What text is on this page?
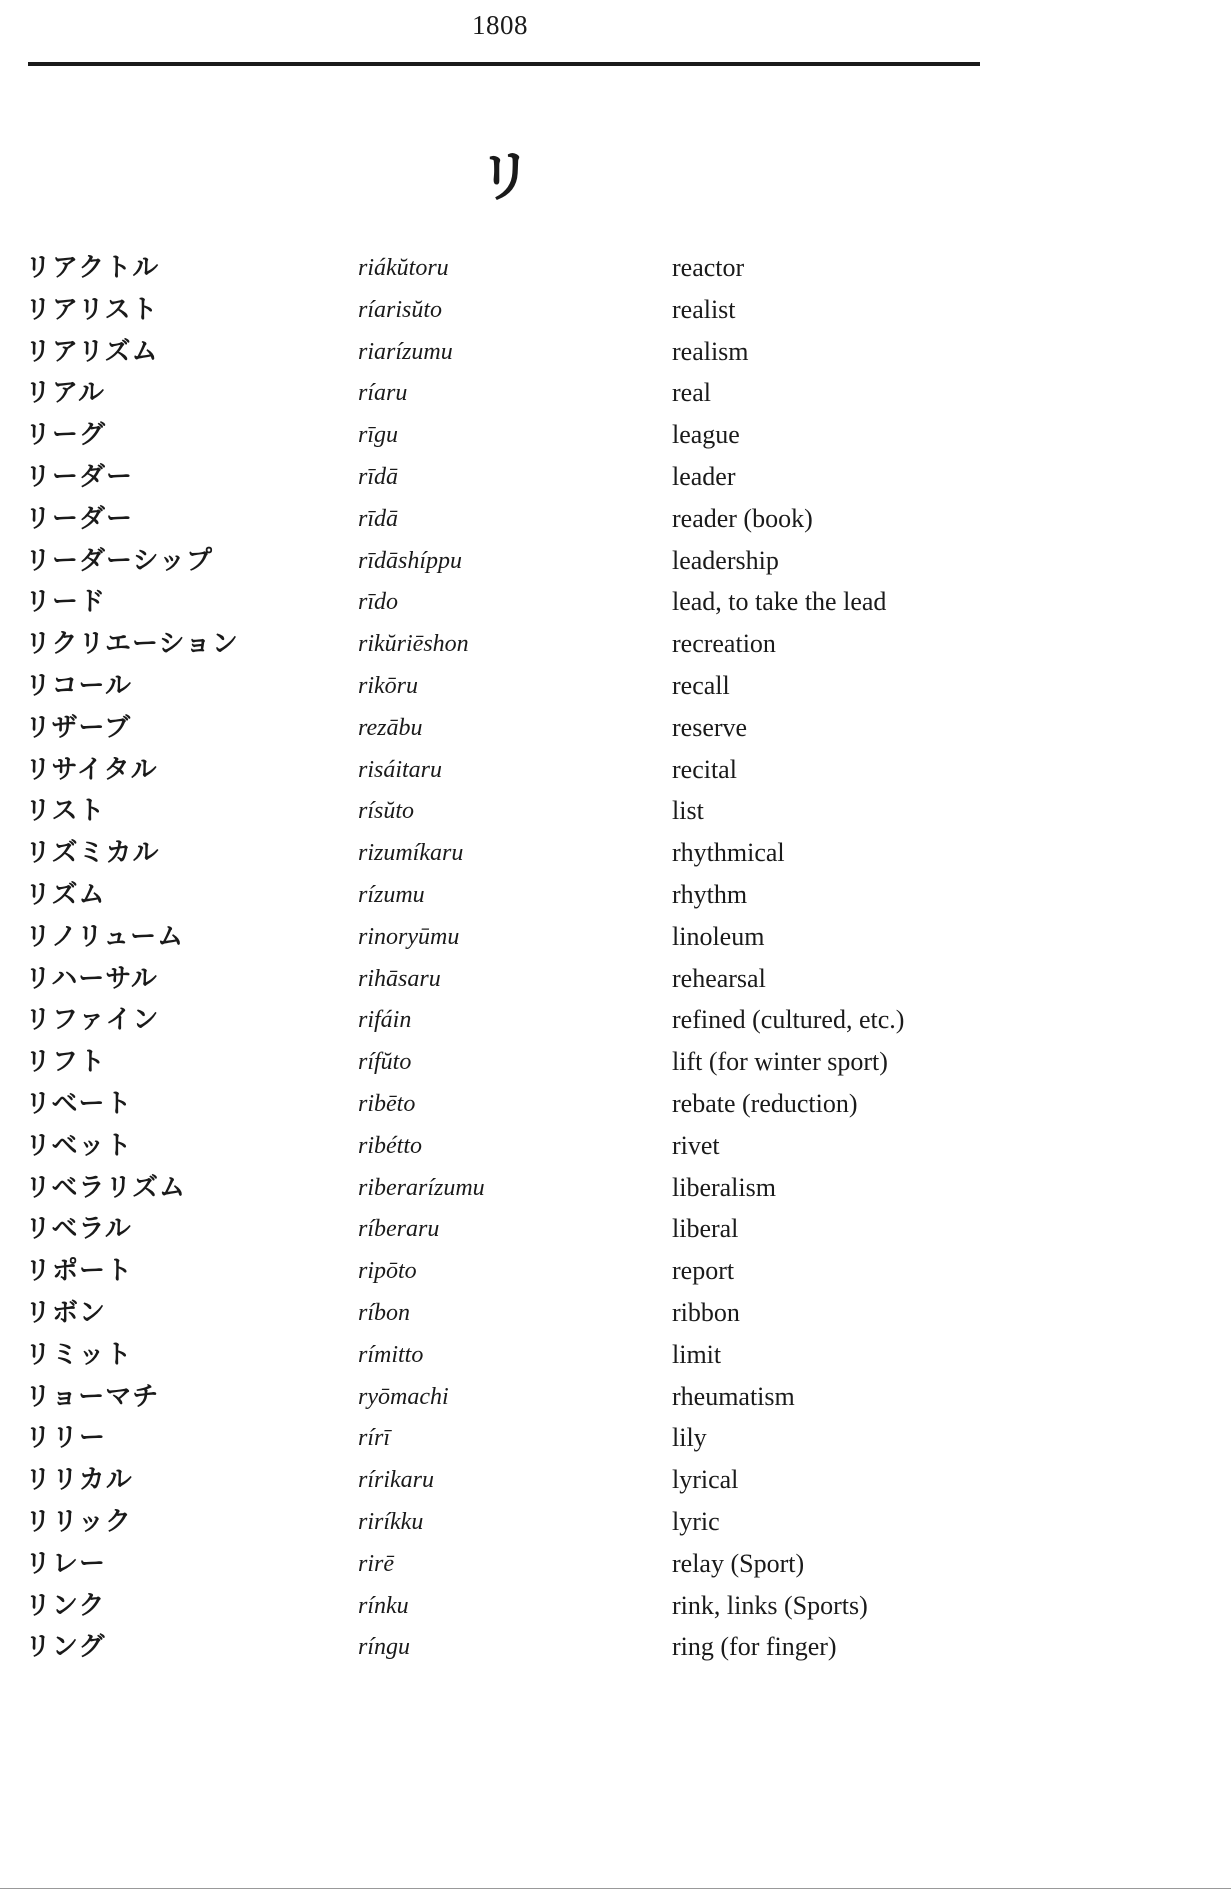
1808
リ
リアクトル	riákŭtoru	reactor
リアリスト	ríarisŭto	realist
リアリズム	riarízumu	realism
リアル	ríaru	real
リーグ	rīgu	league
リーダー	rīdā	leader
リーダー	rīdā	reader (book)
リーダーシップ	rīdāshíppu	leadership
リード	rīdo	lead, to take the lead
リクリエーション	rikŭriēshon	recreation
リコール	rikōru	recall
リザーブ	rezābu	reserve
リサイタル	risáitaru	recital
リスト	rísŭto	list
リズミカル	rizumíkaru	rhythmical
リズム	rízumu	rhythm
リノリューム	rinoryūmu	linoleum
リハーサル	rihāsaru	rehearsal
リファイン	rifáin	refined (cultured, etc.)
リフト	rífŭto	lift (for winter sport)
リベート	ribēto	rebate (reduction)
リベット	ribétto	rivet
リベラリズム	riberarízumu	liberalism
リベラル	ríberaru	liberal
リポート	ripōto	report
リボン	ríbon	ribbon
リミット	rímitto	limit
リョーマチ	ryōmachi	rheumatism
リリー	rírī	lily
リリカル	rírikaru	lyrical
リリック	riríkku	lyric
リレー	rirē	relay (Sport)
リンク	rínku	rink, links (Sports)
リング	ríngu	ring (for finger)
